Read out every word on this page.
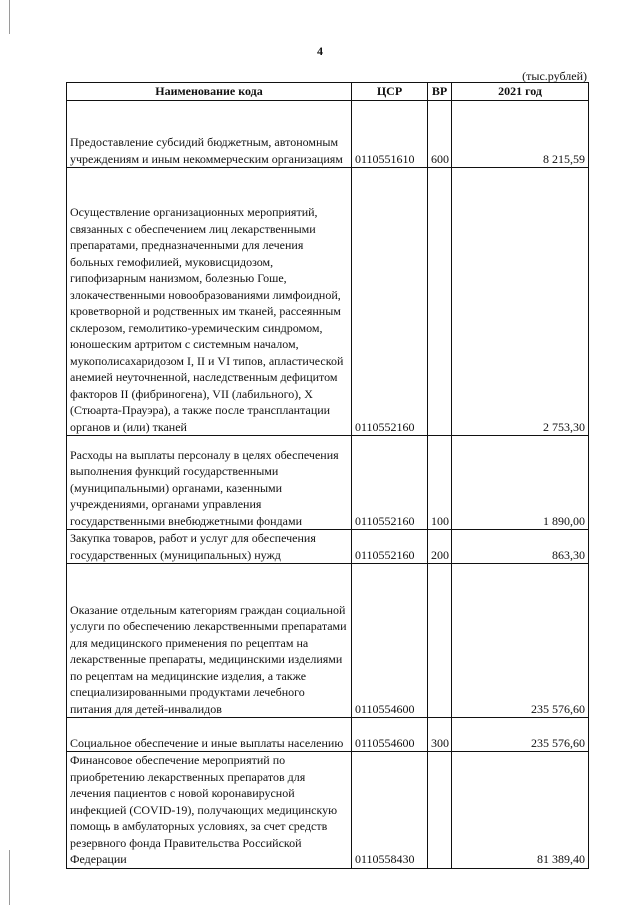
4
(тыс.рублей)
Наименование кода	ЦСР	ВР	2021 год
Предоставление субсидий бюджетным, автономным учреждениям и иным некоммерческим организациям	0110551610	600	8 215,59
Осуществление организационных мероприятий, связанных с обеспечением лиц лекарственными препаратами, предназначенными для лечения больных гемофилией, муковисцидозом, гипофизарным нанизмом, болезнью Гоше, злокачественными новообразованиями лимфоидной, кроветворной и родственных им тканей, рассеянным склерозом, гемолитико-уремическим синдромом, юношеским артритом с системным началом, мукополисахаридозом I, II и VI типов, апластической анемией неуточненной, наследственным дефицитом факторов II (фибриногена), VII (лабильного), X (Стюарта-Прауэра), а также после трансплантации органов и (или) тканей	0110552160		2 753,30
Расходы на выплаты персоналу в целях обеспечения выполнения функций государственными (муниципальными) органами, казенными учреждениями, органами управления государственными внебюджетными фондами	0110552160	100	1 890,00
Закупка товаров, работ и услуг для обеспечения государственных (муниципальных) нужд	0110552160	200	863,30
Оказание отдельным категориям граждан социальной услуги по обеспечению лекарственными препаратами для медицинского применения по рецептам на лекарственные препараты, медицинскими изделиями по рецептам на медицинские изделия, а также специализированными продуктами лечебного питания для детей-инвалидов	0110554600		235 576,60
Социальное обеспечение и иные выплаты населению	0110554600	300	235 576,60
Финансовое обеспечение мероприятий по приобретению лекарственных препаратов для лечения пациентов с новой коронавирусной инфекцией (COVID-19), получающих медицинскую помощь в амбулаторных условиях, за счет средств резервного фонда Правительства Российской Федерации	0110558430		81 389,40
